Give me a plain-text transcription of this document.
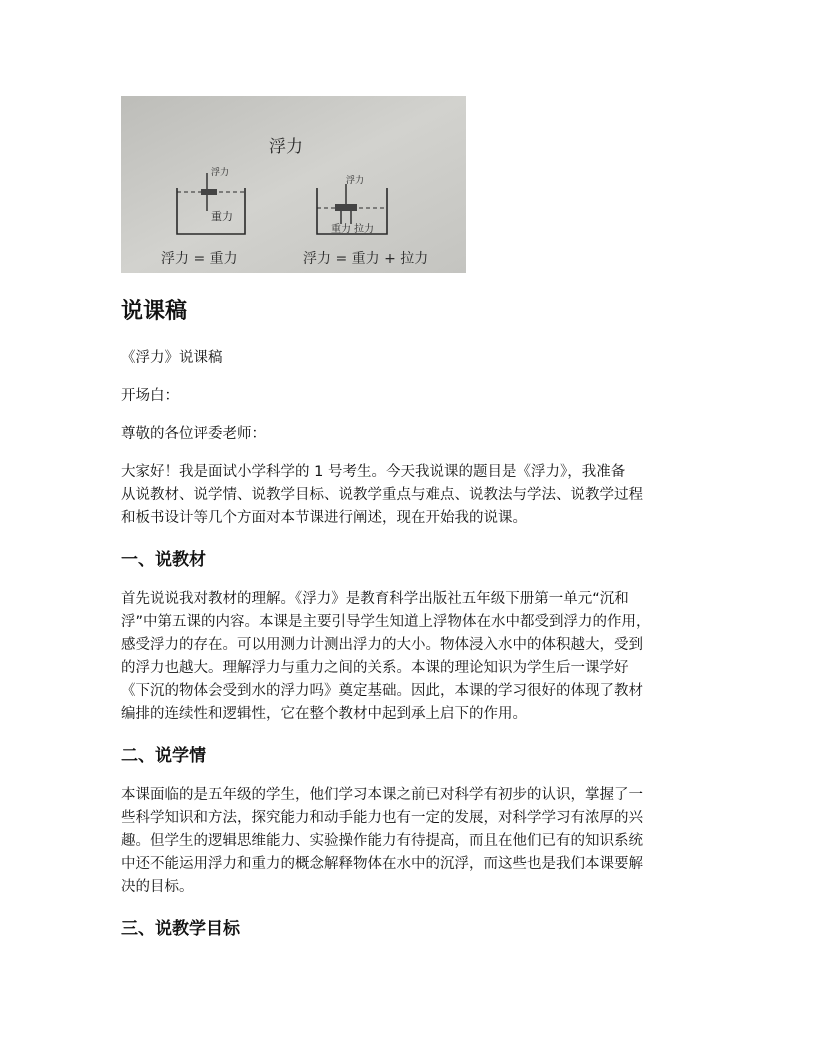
浮力
浮力
重力
浮力
重力 拉力
浮力 = 重力	浮力 = 重力 + 拉力
说课稿

《浮力》说课稿

开场白：

尊敬的各位评委老师：

大家好！我是面试小学科学的 1 号考生。今天我说课的题目是《浮力》，我准备

从说教材、说学情、说教学目标、说教学重点与难点、说教法与学法、说教学过程

和板书设计等几个方面对本节课进行阐述，现在开始我的说课。

一、说教材

首先说说我对教材的理解。《浮力》是教育科学出版社五年级下册第一单元“沉和

浮”中第五课的内容。本课是主要引导学生知道上浮物体在水中都受到浮力的作用，

感受浮力的存在。可以用测力计测出浮力的大小。物体浸入水中的体积越大，受到

的浮力也越大。理解浮力与重力之间的关系。本课的理论知识为学生后一课学好

《下沉的物体会受到水的浮力吗》奠定基础。因此，本课的学习很好的体现了教材

编排的连续性和逻辑性，它在整个教材中起到承上启下的作用。

二、说学情

本课面临的是五年级的学生，他们学习本课之前已对科学有初步的认识，掌握了一

些科学知识和方法，探究能力和动手能力也有一定的发展，对科学学习有浓厚的兴

趣。但学生的逻辑思维能力、实验操作能力有待提高，而且在他们已有的知识系统

中还不能运用浮力和重力的概念解释物体在水中的沉浮，而这些也是我们本课要解

决的目标。

三、说教学目标
